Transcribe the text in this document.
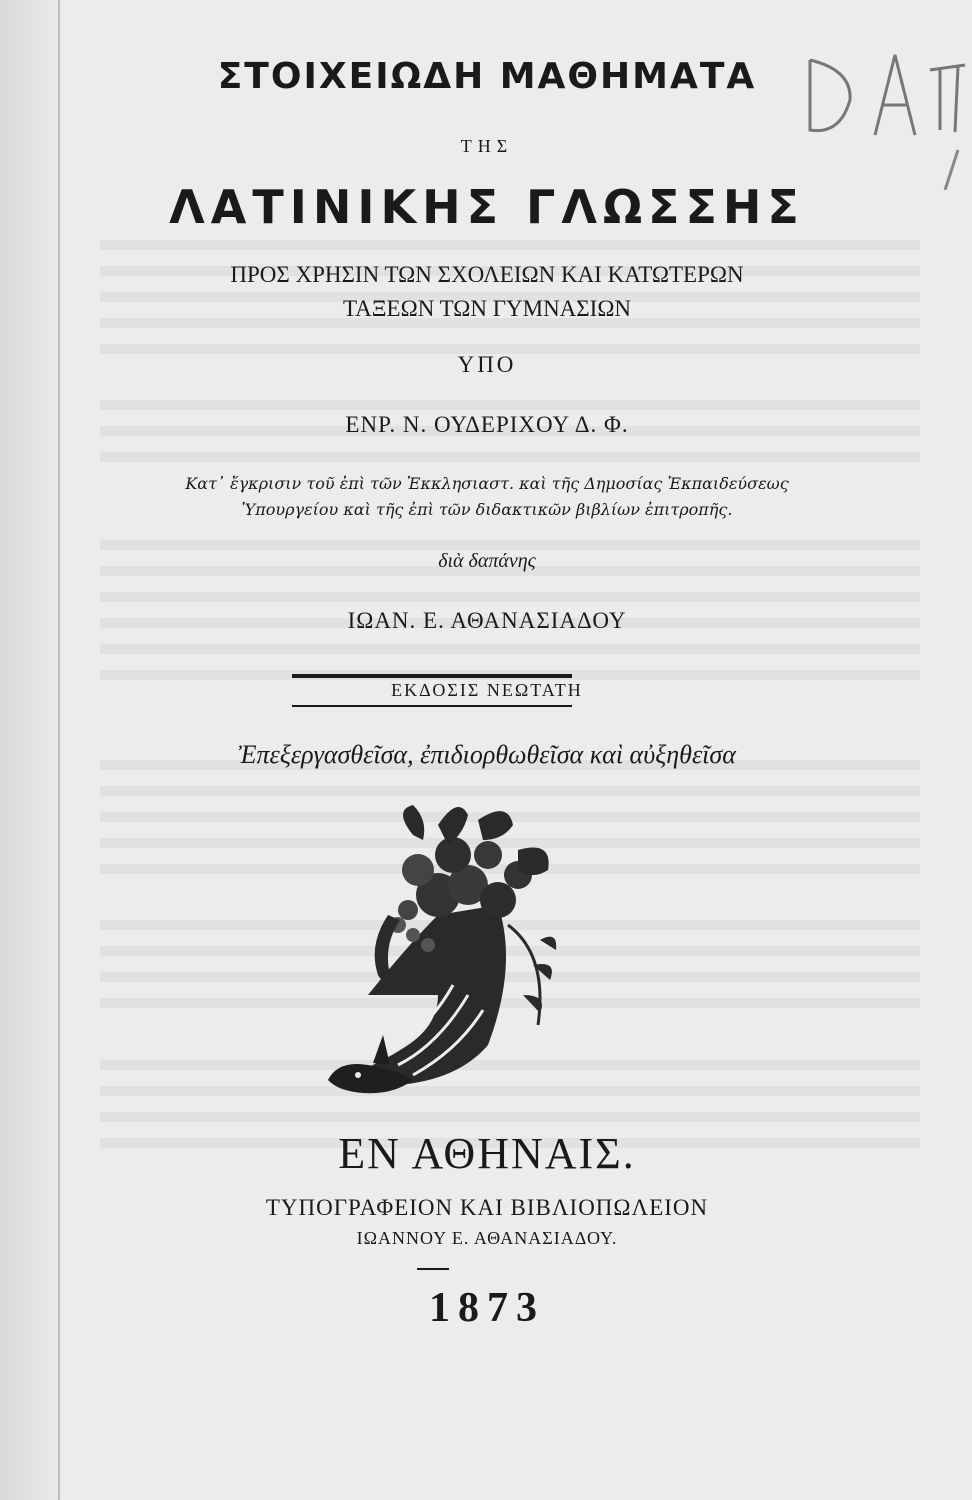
ΣΤΟΙΧΕΙΩΔΗ ΜΑΘΗΜΑΤΑ
ΤΗΣ
ΛΑΤΙΝΙΚΗΣ ΓΛΩΣΣΗΣ
ΠΡΟΣ ΧΡΗΣΙΝ ΤΩΝ ΣΧΟΛΕΙΩΝ ΚΑΙ ΚΑΤΩΤΕΡΩΝ
ΤΑΞΕΩΝ ΤΩΝ ΓΥΜΝΑΣΙΩΝ
ΥΠΟ
ΕΝΡ. Ν. ΟΥΔΕΡΙΧΟΥ Δ. Φ.
Κατ᾽ ἔγκρισιν τοῦ ἐπὶ τῶν Ἐκκλησιαστ. καὶ τῆς Δημοσίας Ἐκπαιδεύσεως
Ὑπουργείου καὶ τῆς ἐπὶ τῶν διδακτικῶν βιβλίων ἐπιτροπῆς.
διὰ δαπάνης
ΙΩΑΝ. Ε. ΑΘΑΝΑΣΙΑΔΟΥ
ΕΚΔΟΣΙΣ ΝΕΩΤΑΤΗ
Ἐπεξεργασθεῖσα, ἐπιδιορθωθεῖσα καὶ αὐξηθεῖσα
ΕΝ ΑΘΗΝΑΙΣ.
ΤΥΠΟΓΡΑΦΕΙΟΝ ΚΑΙ ΒΙΒΛΙΟΠΩΛΕΙΟΝ
ΙΩΑΝΝΟΥ Ε. ΑΘΑΝΑΣΙΑΔΟΥ.
1873
